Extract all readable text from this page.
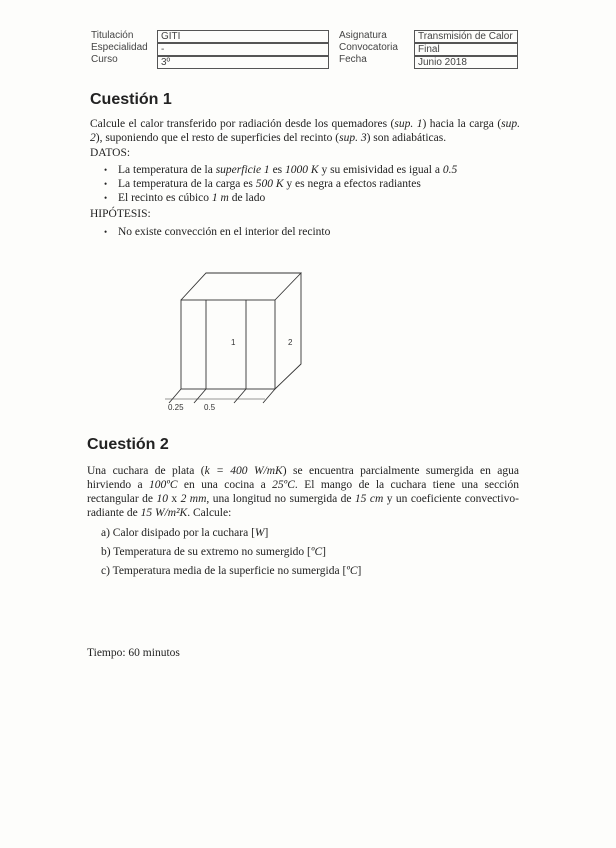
Titulación
Especialidad
Curso
GITI
-
3º
Asignatura
Convocatoria
Fecha
Transmisión de Calor
Final
Junio 2018
Cuestión 1
Calcule el calor transferido por radiación desde los quemadores (sup. 1) hacia la carga (sup. 2), suponiendo que el resto de superficies del recinto (sup. 3) son adiabáticas.
DATOS:
• La temperatura de la superficie 1 es 1000 K y su emisividad es igual a 0.5
• La temperatura de la carga es 500 K y es negra a efectos radiantes
• El recinto es cúbico 1 m de lado
HIPÓTESIS:
• No existe convección en el interior del recinto
1	2
0.25	0.5
Cuestión 2
Una cuchara de plata (k = 400 W/mK) se encuentra parcialmente sumergida en agua hirviendo a 100ºC en una cocina a 25ºC. El mango de la cuchara tiene una sección rectangular de 10 x 2 mm, una longitud no sumergida de 15 cm y un coeficiente convectivo-radiante de 15 W/m²K. Calcule:
a) Calor disipado por la cuchara [W]
b) Temperatura de su extremo no sumergido [ºC]
c) Temperatura media de la superficie no sumergida [ºC]
Tiempo: 60 minutos
